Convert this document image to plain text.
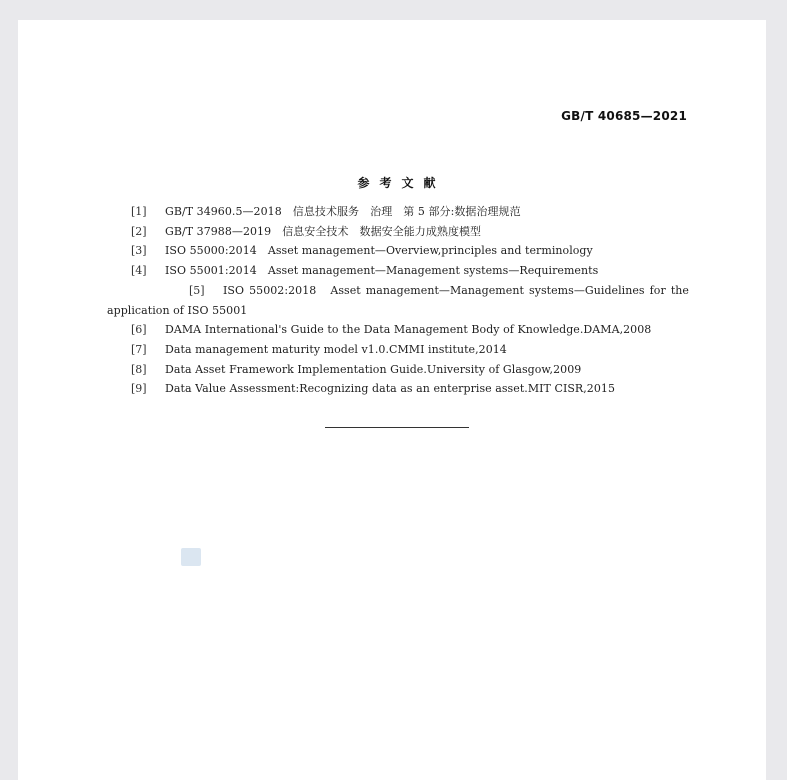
GB/T 40685—2021
参考文献
[1] GB/T 34960.5—2018　信息技术服务　治理　第 5 部分:数据治理规范
[2] GB/T 37988—2019　信息安全技术　数据安全能力成熟度模型
[3] ISO 55000:2014　Asset management—Overview,principles and terminology
[4] ISO 55001:2014　Asset management—Management systems—Requirements
[5] ISO 55002:2018　Asset management—Management systems—Guidelines for the application of ISO 55001
[6] DAMA International's Guide to the Data Management Body of Knowledge.DAMA,2008
[7] Data management maturity model v1.0.CMMI institute,2014
[8] Data Asset Framework Implementation Guide.University of Glasgow,2009
[9] Data Value Assessment:Recognizing data as an enterprise asset.MIT CISR,2015
